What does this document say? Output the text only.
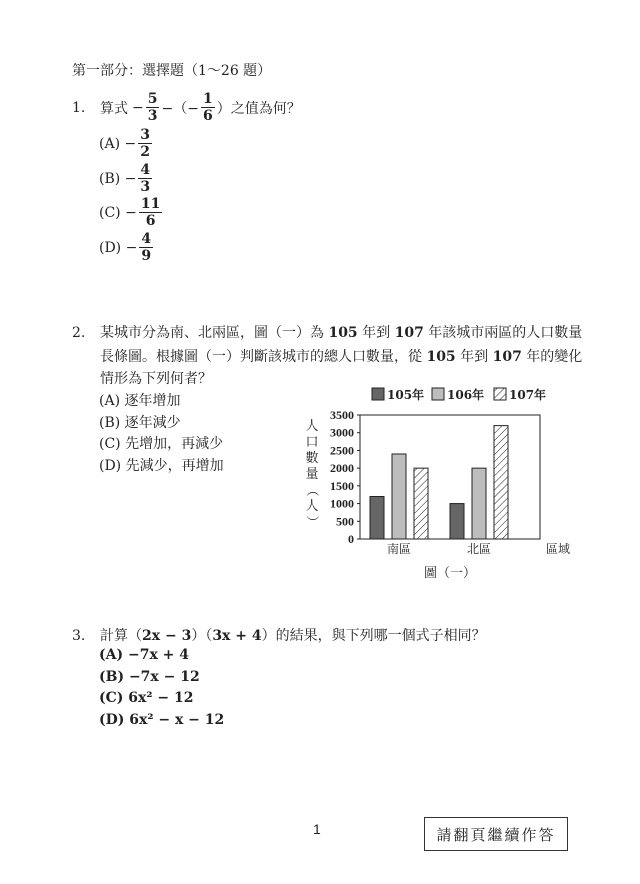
第一部分：選擇題（1～26 題）
1.	算式 − $\frac{5}{3}$ −（− $\frac{1}{6}$ ）之值為何？
$(A) - \frac{3}{2}$
$(B) - \frac{4}{3}$
$(C) - \frac{11}{6}$
$(D) - \frac{4}{9}$
2. 某城市分為南、北兩區，圖（一）為 105 年到 107 年該城市兩區的人口數量
長條圖。根據圖（一）判斷該城市的總人口數量，從 105 年到 107 年的變化
情形為下列何者？
(A) 逐年增加
(B) 逐年減少
(C) 先增加，再減少
(D) 先減少，再增加
105年 106年 107年
0
500
1000
1500
2000
2500
3000
3500
人
口
數
量
（
人
）
南區	北區	區域
圖（一）
3. 計算（2x − 3）（3x + 4）的結果，與下列哪一個式子相同？
(A) −7x + 4
(B) −7x − 12
(C) 6x² − 12
(D) 6x² − x − 12
1	請翻頁繼續作答
